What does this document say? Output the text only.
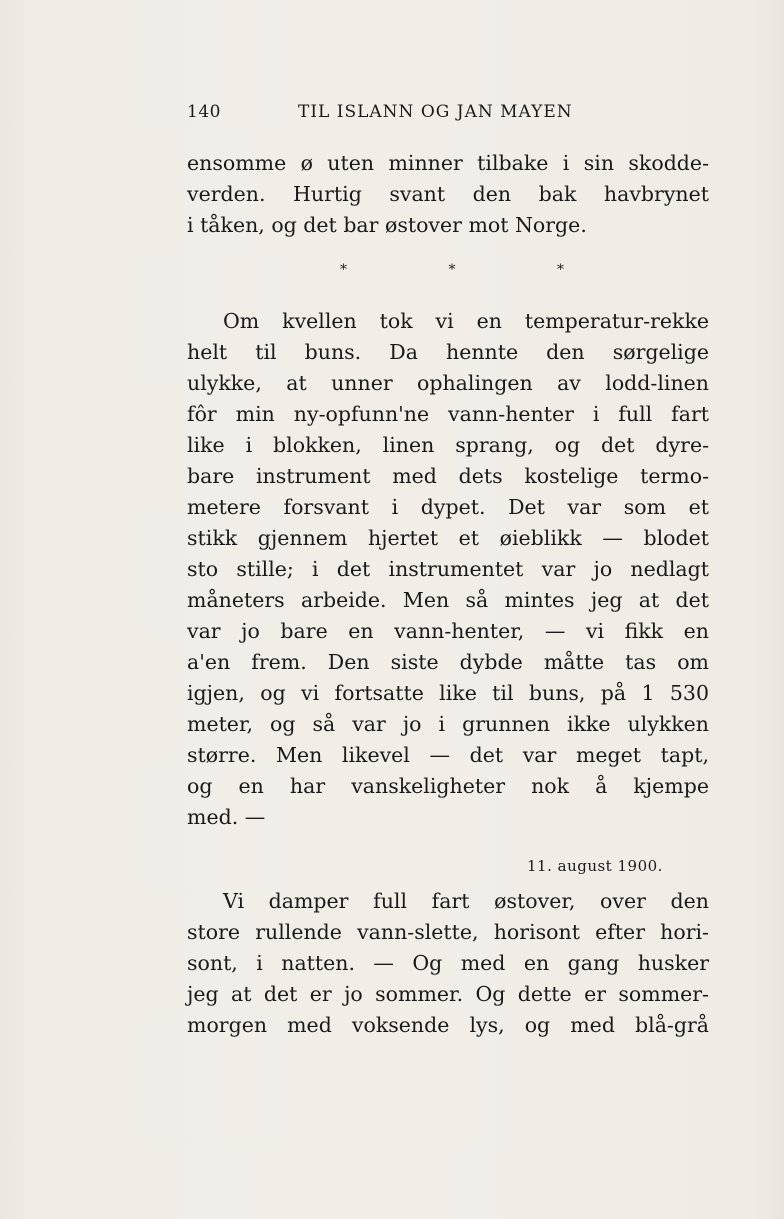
140	TIL ISLANN OG JAN MAYEN
ensomme ø uten minner tilbake i sin skodde-
verden. Hurtig svant den bak havbrynet
i tåken, og det bar østover mot Norge.
*	*	*
Om kvellen tok vi en temperatur-rekke
helt til buns. Da hennte den sørgelige
ulykke, at unner ophalingen av lodd-linen
fôr min ny-opfunn'ne vann-henter i full fart
like i blokken, linen sprang, og det dyre-
bare instrument med dets kostelige termo-
metere forsvant i dypet. Det var som et
stikk gjennem hjertet et øieblikk — blodet
sto stille; i det instrumentet var jo nedlagt
måneters arbeide. Men så mintes jeg at det
var jo bare en vann-henter, — vi fikk en
a'en frem. Den siste dybde måtte tas om
igjen, og vi fortsatte like til buns, på 1 530
meter, og så var jo i grunnen ikke ulykken
større. Men likevel — det var meget tapt,
og en har vanskeligheter nok å kjempe
med. —
11. august 1900.
Vi damper full fart østover, over den
store rullende vann-slette, horisont efter hori-
sont, i natten. — Og med en gang husker
jeg at det er jo sommer. Og dette er sommer-
morgen med voksende lys, og med blå-grå
